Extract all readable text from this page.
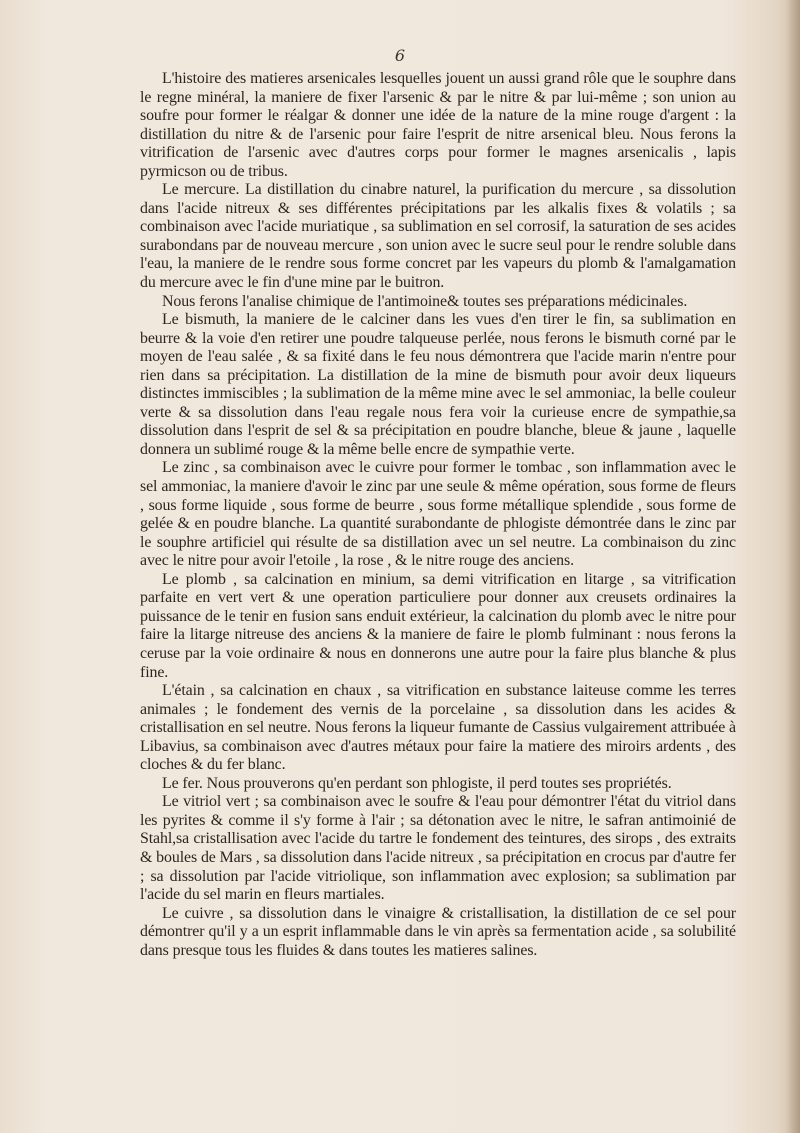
6

L'histoire des matieres arsenicales lesquelles jouent un aussi grand rôle que le souphre dans le regne minéral, la maniere de fixer l'arsenic & par le nitre & par lui-même ; son union au soufre pour former le réalgar & donner une idée de la nature de la mine rouge d'argent : la distillation du nitre & de l'arsenic pour faire l'esprit de nitre arsenical bleu. Nous ferons la vitrification de l'arsenic avec d'autres corps pour former le magnes arsenicalis , lapis pyrmicson ou de tribus.

Le mercure. La distillation du cinabre naturel, la purification du mercure , sa dissolution dans l'acide nitreux & ses différentes précipitations par les alkalis fixes & volatils ; sa combinaison avec l'acide muriatique , sa sublimation en sel corrosif, la saturation de ses acides surabondans par de nouveau mercure , son union avec le sucre seul pour le rendre soluble dans l'eau, la maniere de le rendre sous forme concret par les vapeurs du plomb & l'amalgamation du mercure avec le fin d'une mine par le buitron.

Nous ferons l'analise chimique de l'antimoine& toutes ses préparations médicinales.

Le bismuth, la maniere de le calciner dans les vues d'en tirer le fin, sa sublimation en beurre & la voie d'en retirer une poudre talqueuse perlée, nous ferons le bismuth corné par le moyen de l'eau salée , & sa fixité dans le feu nous démontrera que l'acide marin n'entre pour rien dans sa précipitation. La distillation de la mine de bismuth pour avoir deux liqueurs distinctes immiscibles ; la sublimation de la même mine avec le sel ammoniac, la belle couleur verte & sa dissolution dans l'eau regale nous fera voir la curieuse encre de sympathie,sa dissolution dans l'esprit de sel & sa précipitation en poudre blanche, bleue & jaune , laquelle donnera un sublimé rouge & la même belle encre de sympathie verte.

Le zinc , sa combinaison avec le cuivre pour former le tombac , son inflammation avec le sel ammoniac, la maniere d'avoir le zinc par une seule & même opération, sous forme de fleurs , sous forme liquide , sous forme de beurre , sous forme métallique splendide , sous forme de gelée & en poudre blanche. La quantité surabondante de phlogiste démontrée dans le zinc par le souphre artificiel qui résulte de sa distillation avec un sel neutre. La combinaison du zinc avec le nitre pour avoir l'etoile , la rose , & le nitre rouge des anciens.

Le plomb , sa calcination en minium, sa demi vitrification en litarge , sa vitrification parfaite en vert vert & une operation particuliere pour donner aux creusets ordinaires la puissance de le tenir en fusion sans enduit extérieur, la calcination du plomb avec le nitre pour faire la litarge nitreuse des anciens & la maniere de faire le plomb fulminant : nous ferons la ceruse par la voie ordinaire & nous en donnerons une autre pour la faire plus blanche & plus fine.

L'étain , sa calcination en chaux , sa vitrification en substance laiteuse comme les terres animales ; le fondement des vernis de la porcelaine , sa dissolution dans les acides & cristallisation en sel neutre. Nous ferons la liqueur fumante de Cassius vulgairement attribuée à Libavius, sa combinaison avec d'autres métaux pour faire la matiere des miroirs ardents , des cloches & du fer blanc.

Le fer. Nous prouverons qu'en perdant son phlogiste, il perd toutes ses propriétés.

Le vitriol vert ; sa combinaison avec le soufre & l'eau pour démontrer l'état du vitriol dans les pyrites & comme il s'y forme à l'air ; sa détonation avec le nitre, le safran antimoinié de Stahl,sa cristallisation avec l'acide du tartre le fondement des teintures, des sirops , des extraits & boules de Mars , sa dissolution dans l'acide nitreux , sa précipitation en crocus par d'autre fer ; sa dissolution par l'acide vitriolique, son inflammation avec explosion; sa sublimation par l'acide du sel marin en fleurs martiales.

Le cuivre , sa dissolution dans le vinaigre & cristallisation, la distillation de ce sel pour démontrer qu'il y a un esprit inflammable dans le vin après sa fermentation acide , sa solubilité dans presque tous les fluides & dans toutes les matieres salines.
